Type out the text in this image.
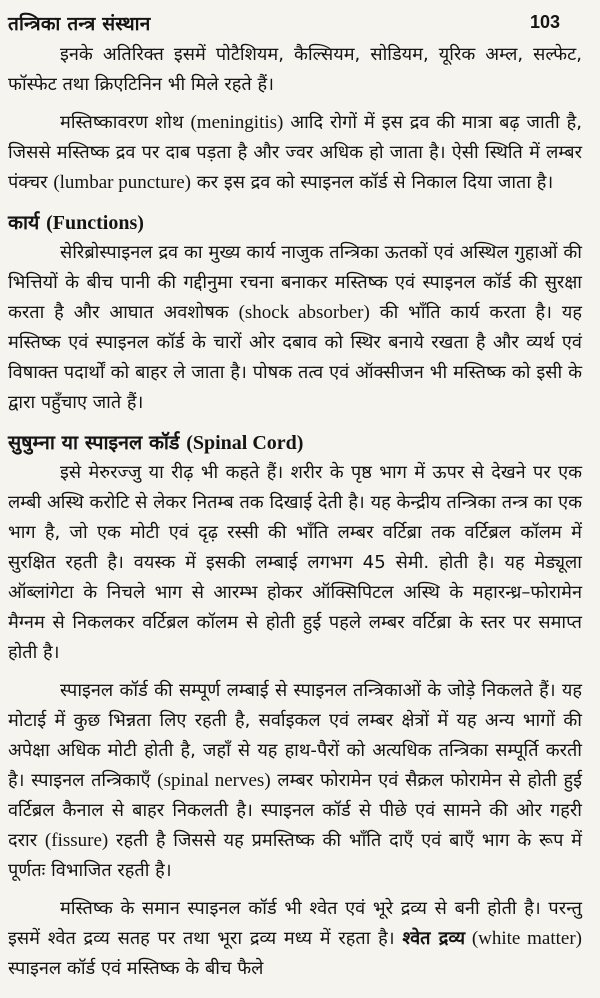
तन्त्रिका तन्त्र संस्थान	103

इनके अतिरिक्त इसमें पोटैशियम, कैल्सियम, सोडियम, यूरिक अम्ल, सल्फेट, फॉस्फेट तथा क्रिएटिनिन भी मिले रहते हैं।

मस्तिष्कावरण शोथ (meningitis) आदि रोगों में इस द्रव की मात्रा बढ़ जाती है, जिससे मस्तिष्क द्रव पर दाब पड़ता है और ज्वर अधिक हो जाता है। ऐसी स्थिति में लम्बर पंक्चर (lumbar puncture) कर इस द्रव को स्पाइनल कॉर्ड से निकाल दिया जाता है।

कार्य (Functions)

सेरिब्रोस्पाइनल द्रव का मुख्य कार्य नाजुक तन्त्रिका ऊतकों एवं अस्थिल गुहाओं की भित्तियों के बीच पानी की गद्दीनुमा रचना बनाकर मस्तिष्क एवं स्पाइनल कॉर्ड की सुरक्षा करता है और आघात अवशोषक (shock absorber) की भाँति कार्य करता है। यह मस्तिष्क एवं स्पाइनल कॉर्ड के चारों ओर दबाव को स्थिर बनाये रखता है और व्यर्थ एवं विषाक्त पदार्थों को बाहर ले जाता है। पोषक तत्व एवं ऑक्सीजन भी मस्तिष्क को इसी के द्वारा पहुँचाए जाते हैं।

सुषुम्ना या स्पाइनल कॉर्ड (Spinal Cord)

इसे मेरुरज्जु या रीढ़ भी कहते हैं। शरीर के पृष्ठ भाग में ऊपर से देखने पर एक लम्बी अस्थि करोटि से लेकर नितम्ब तक दिखाई देती है। यह केन्द्रीय तन्त्रिका तन्त्र का एक भाग है, जो एक मोटी एवं दृढ़ रस्सी की भाँति लम्बर वर्टिब्रा तक वर्टिब्रल कॉलम में सुरक्षित रहती है। वयस्क में इसकी लम्बाई लगभग 45 सेमी. होती है। यह मेड्यूला ऑब्लांगेटा के निचले भाग से आरम्भ होकर ऑक्सिपिटल अस्थि के महारन्ध्र–फोरामेन मैग्नम से निकलकर वर्टिब्रल कॉलम से होती हुई पहले लम्बर वर्टिब्रा के स्तर पर समाप्त होती है।

स्पाइनल कॉर्ड की सम्पूर्ण लम्बाई से स्पाइनल तन्त्रिकाओं के जोड़े निकलते हैं। यह मोटाई में कुछ भिन्नता लिए रहती है, सर्वाइकल एवं लम्बर क्षेत्रों में यह अन्य भागों की अपेक्षा अधिक मोटी होती है, जहाँ से यह हाथ-पैरों को अत्यधिक तन्त्रिका सम्पूर्ति करती है। स्पाइनल तन्त्रिकाएँ (spinal nerves) लम्बर फोरामेन एवं सैक्रल फोरामेन से होती हुई वर्टिब्रल कैनाल से बाहर निकलती है। स्पाइनल कॉर्ड से पीछे एवं सामने की ओर गहरी दरार (fissure) रहती है जिससे यह प्रमस्तिष्क की भाँति दाएँ एवं बाएँ भाग के रूप में पूर्णतः विभाजित रहती है।

मस्तिष्क के समान स्पाइनल कॉर्ड भी श्वेत एवं भूरे द्रव्य से बनी होती है। परन्तु इसमें श्वेत द्रव्य सतह पर तथा भूरा द्रव्य मध्य में रहता है। श्वेत द्रव्य (white matter) स्पाइनल कॉर्ड एवं मस्तिष्क के बीच फैले
